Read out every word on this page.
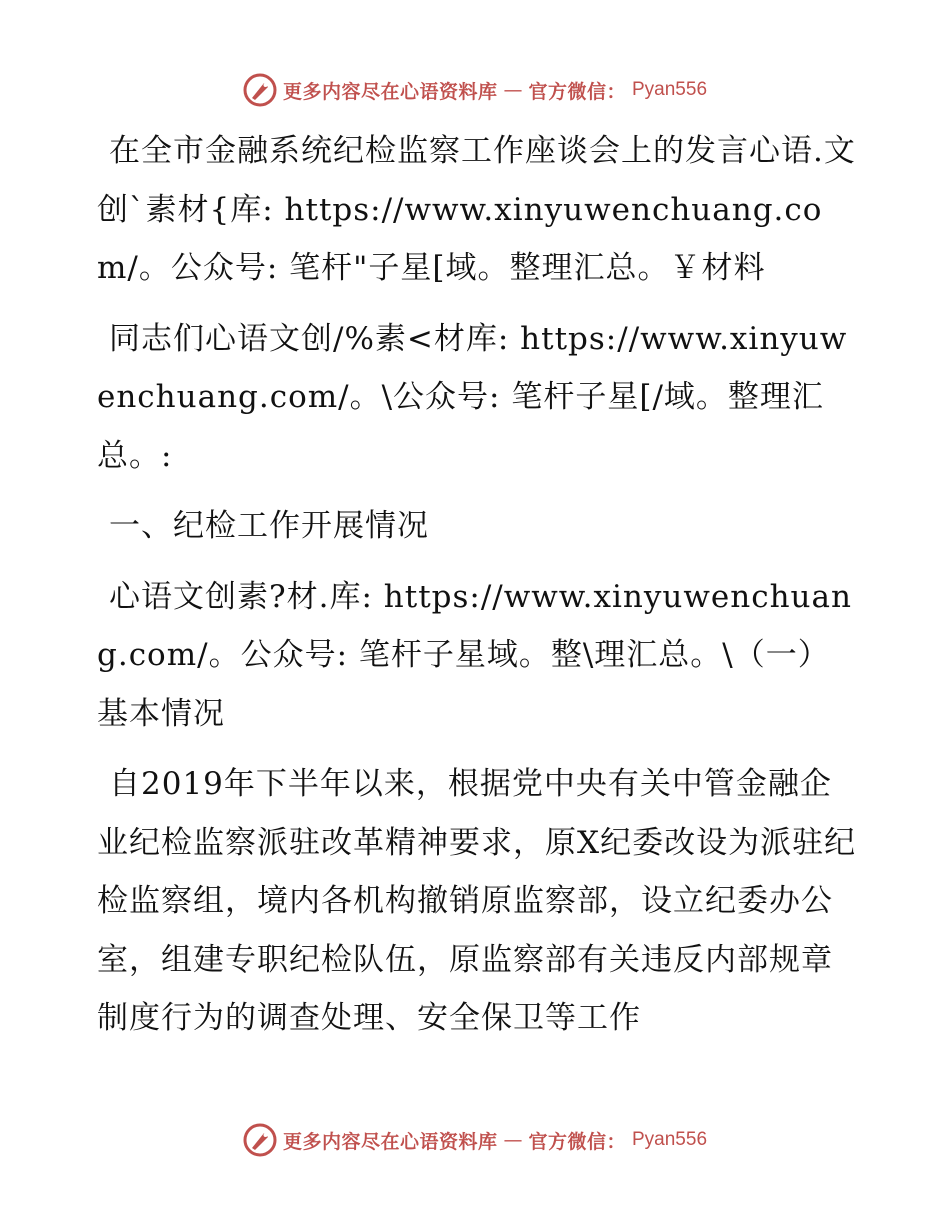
更多内容尽在心语资料库 — 官方微信： Pyan556

在全市金融系统纪检监察工作座谈会上的发言心语.文创`素材{库: https://www.xinyuwenchuang.com/。公众号: 笔杆"子星[域。整理汇总。￥材料

同志们心语文创/%素<材库: https://www.xinyuwenchuang.com/。\公众号: 笔杆子星[/域。整理汇总。:

一、纪检工作开展情况

心语文创素?材.库: https://www.xinyuwenchuang.com/。公众号: 笔杆子星域。整\理汇总。\（一）基本情况

自2019年下半年以来，根据党中央有关中管金融企业纪检监察派驻改革精神要求，原X纪委改设为派驻纪检监察组，境内各机构撤销原监察部，设立纪委办公室，组建专职纪检队伍，原监察部有关违反内部规章制度行为的调查处理、安全保卫等工作

更多内容尽在心语资料库 — 官方微信： Pyan556
